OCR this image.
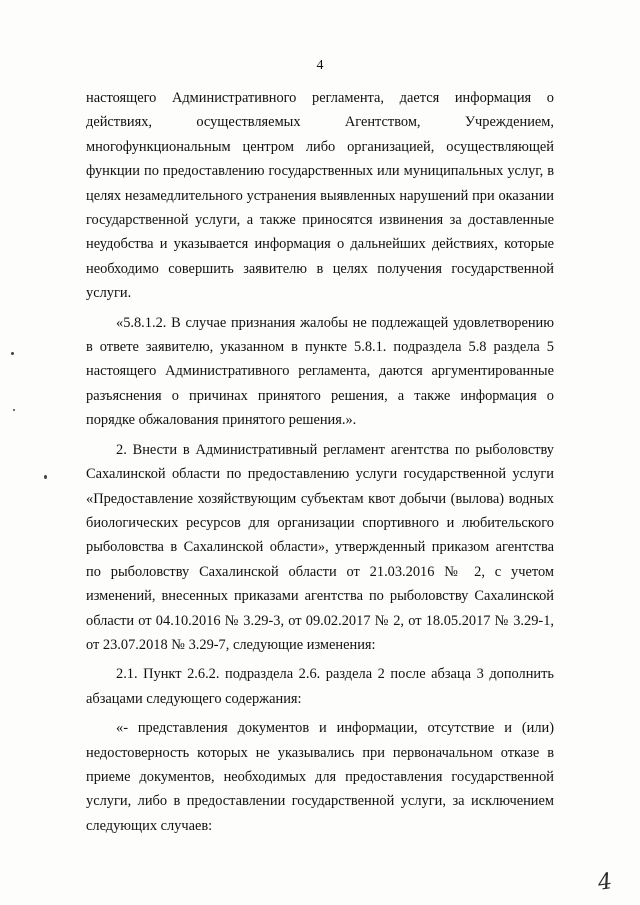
4

настоящего Административного регламента, дается информация о действиях, осуществляемых Агентством, Учреждением, многофункциональным центром либо организацией, осуществляющей функции по предоставлению государственных или муниципальных услуг, в целях незамедлительного устранения выявленных нарушений при оказании государственной услуги, а также приносятся извинения за доставленные неудобства и указывается информация о дальнейших действиях, которые необходимо совершить заявителю в целях получения государственной услуги.

«5.8.1.2. В случае признания жалобы не подлежащей удовлетворению в ответе заявителю, указанном в пункте 5.8.1. подраздела 5.8 раздела 5 настоящего Административного регламента, даются аргументированные разъяснения о причинах принятого решения, а также информация о порядке обжалования принятого решения.».

2. Внести в Административный регламент агентства по рыболовству Сахалинской области по предоставлению услуги государственной услуги «Предоставление хозяйствующим субъектам квот добычи (вылова) водных биологических ресурсов для организации спортивного и любительского рыболовства в Сахалинской области», утвержденный приказом агентства по рыболовству Сахалинской области от 21.03.2016 № 2, с учетом изменений, внесенных приказами агентства по рыболовству Сахалинской области от 04.10.2016 № 3.29-3, от 09.02.2017 № 2, от 18.05.2017 № 3.29-1, от 23.07.2018 № 3.29-7, следующие изменения:

2.1. Пункт 2.6.2. подраздела 2.6. раздела 2 после абзаца 3 дополнить абзацами следующего содержания:

«- представления документов и информации, отсутствие и (или) недостоверность которых не указывались при первоначальном отказе в приеме документов, необходимых для предоставления государственной услуги, либо в предоставлении государственной услуги, за исключением следующих случаев:

4
